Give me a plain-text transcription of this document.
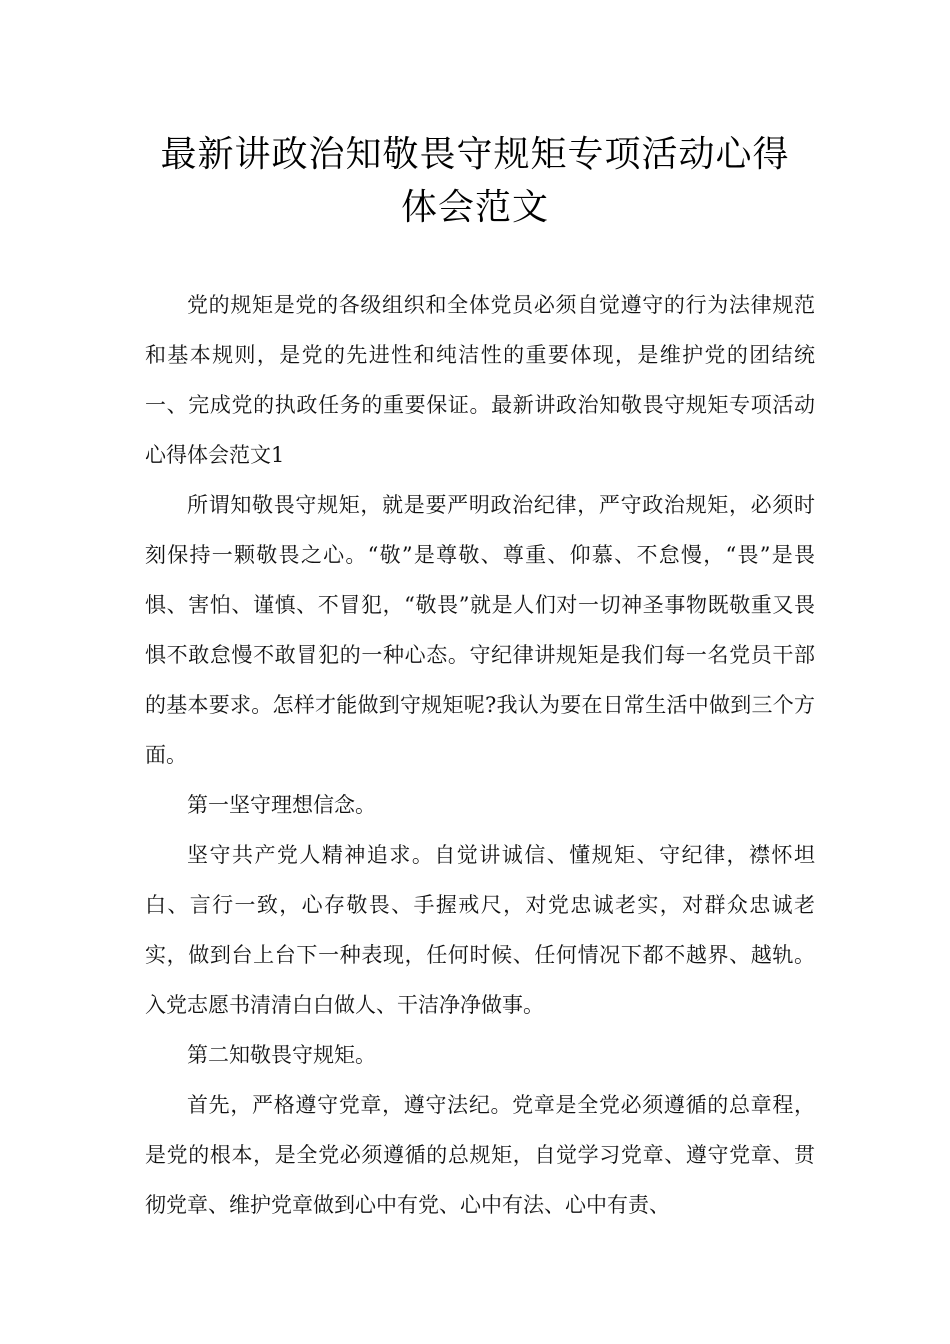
最新讲政治知敬畏守规矩专项活动心得
体会范文

党的规矩是党的各级组织和全体党员必须自觉遵守的行为法律规范和基本规则，是党的先进性和纯洁性的重要体现，是维护党的团结统一、完成党的执政任务的重要保证。最新讲政治知敬畏守规矩专项活动心得体会范文1

所谓知敬畏守规矩，就是要严明政治纪律，严守政治规矩，必须时刻保持一颗敬畏之心。“敬”是尊敬、尊重、仰慕、不怠慢，“畏”是畏惧、害怕、谨慎、不冒犯，“敬畏”就是人们对一切神圣事物既敬重又畏惧不敢怠慢不敢冒犯的一种心态。守纪律讲规矩是我们每一名党员干部的基本要求。怎样才能做到守规矩呢?我认为要在日常生活中做到三个方面。

第一坚守理想信念。

坚守共产党人精神追求。自觉讲诚信、懂规矩、守纪律，襟怀坦白、言行一致，心存敬畏、手握戒尺，对党忠诚老实，对群众忠诚老实，做到台上台下一种表现，任何时候、任何情况下都不越界、越轨。入党志愿书清清白白做人、干洁净净做事。

第二知敬畏守规矩。

首先，严格遵守党章，遵守法纪。党章是全党必须遵循的总章程，是党的根本，是全党必须遵循的总规矩，自觉学习党章、遵守党章、贯彻党章、维护党章做到心中有党、心中有法、心中有责、
